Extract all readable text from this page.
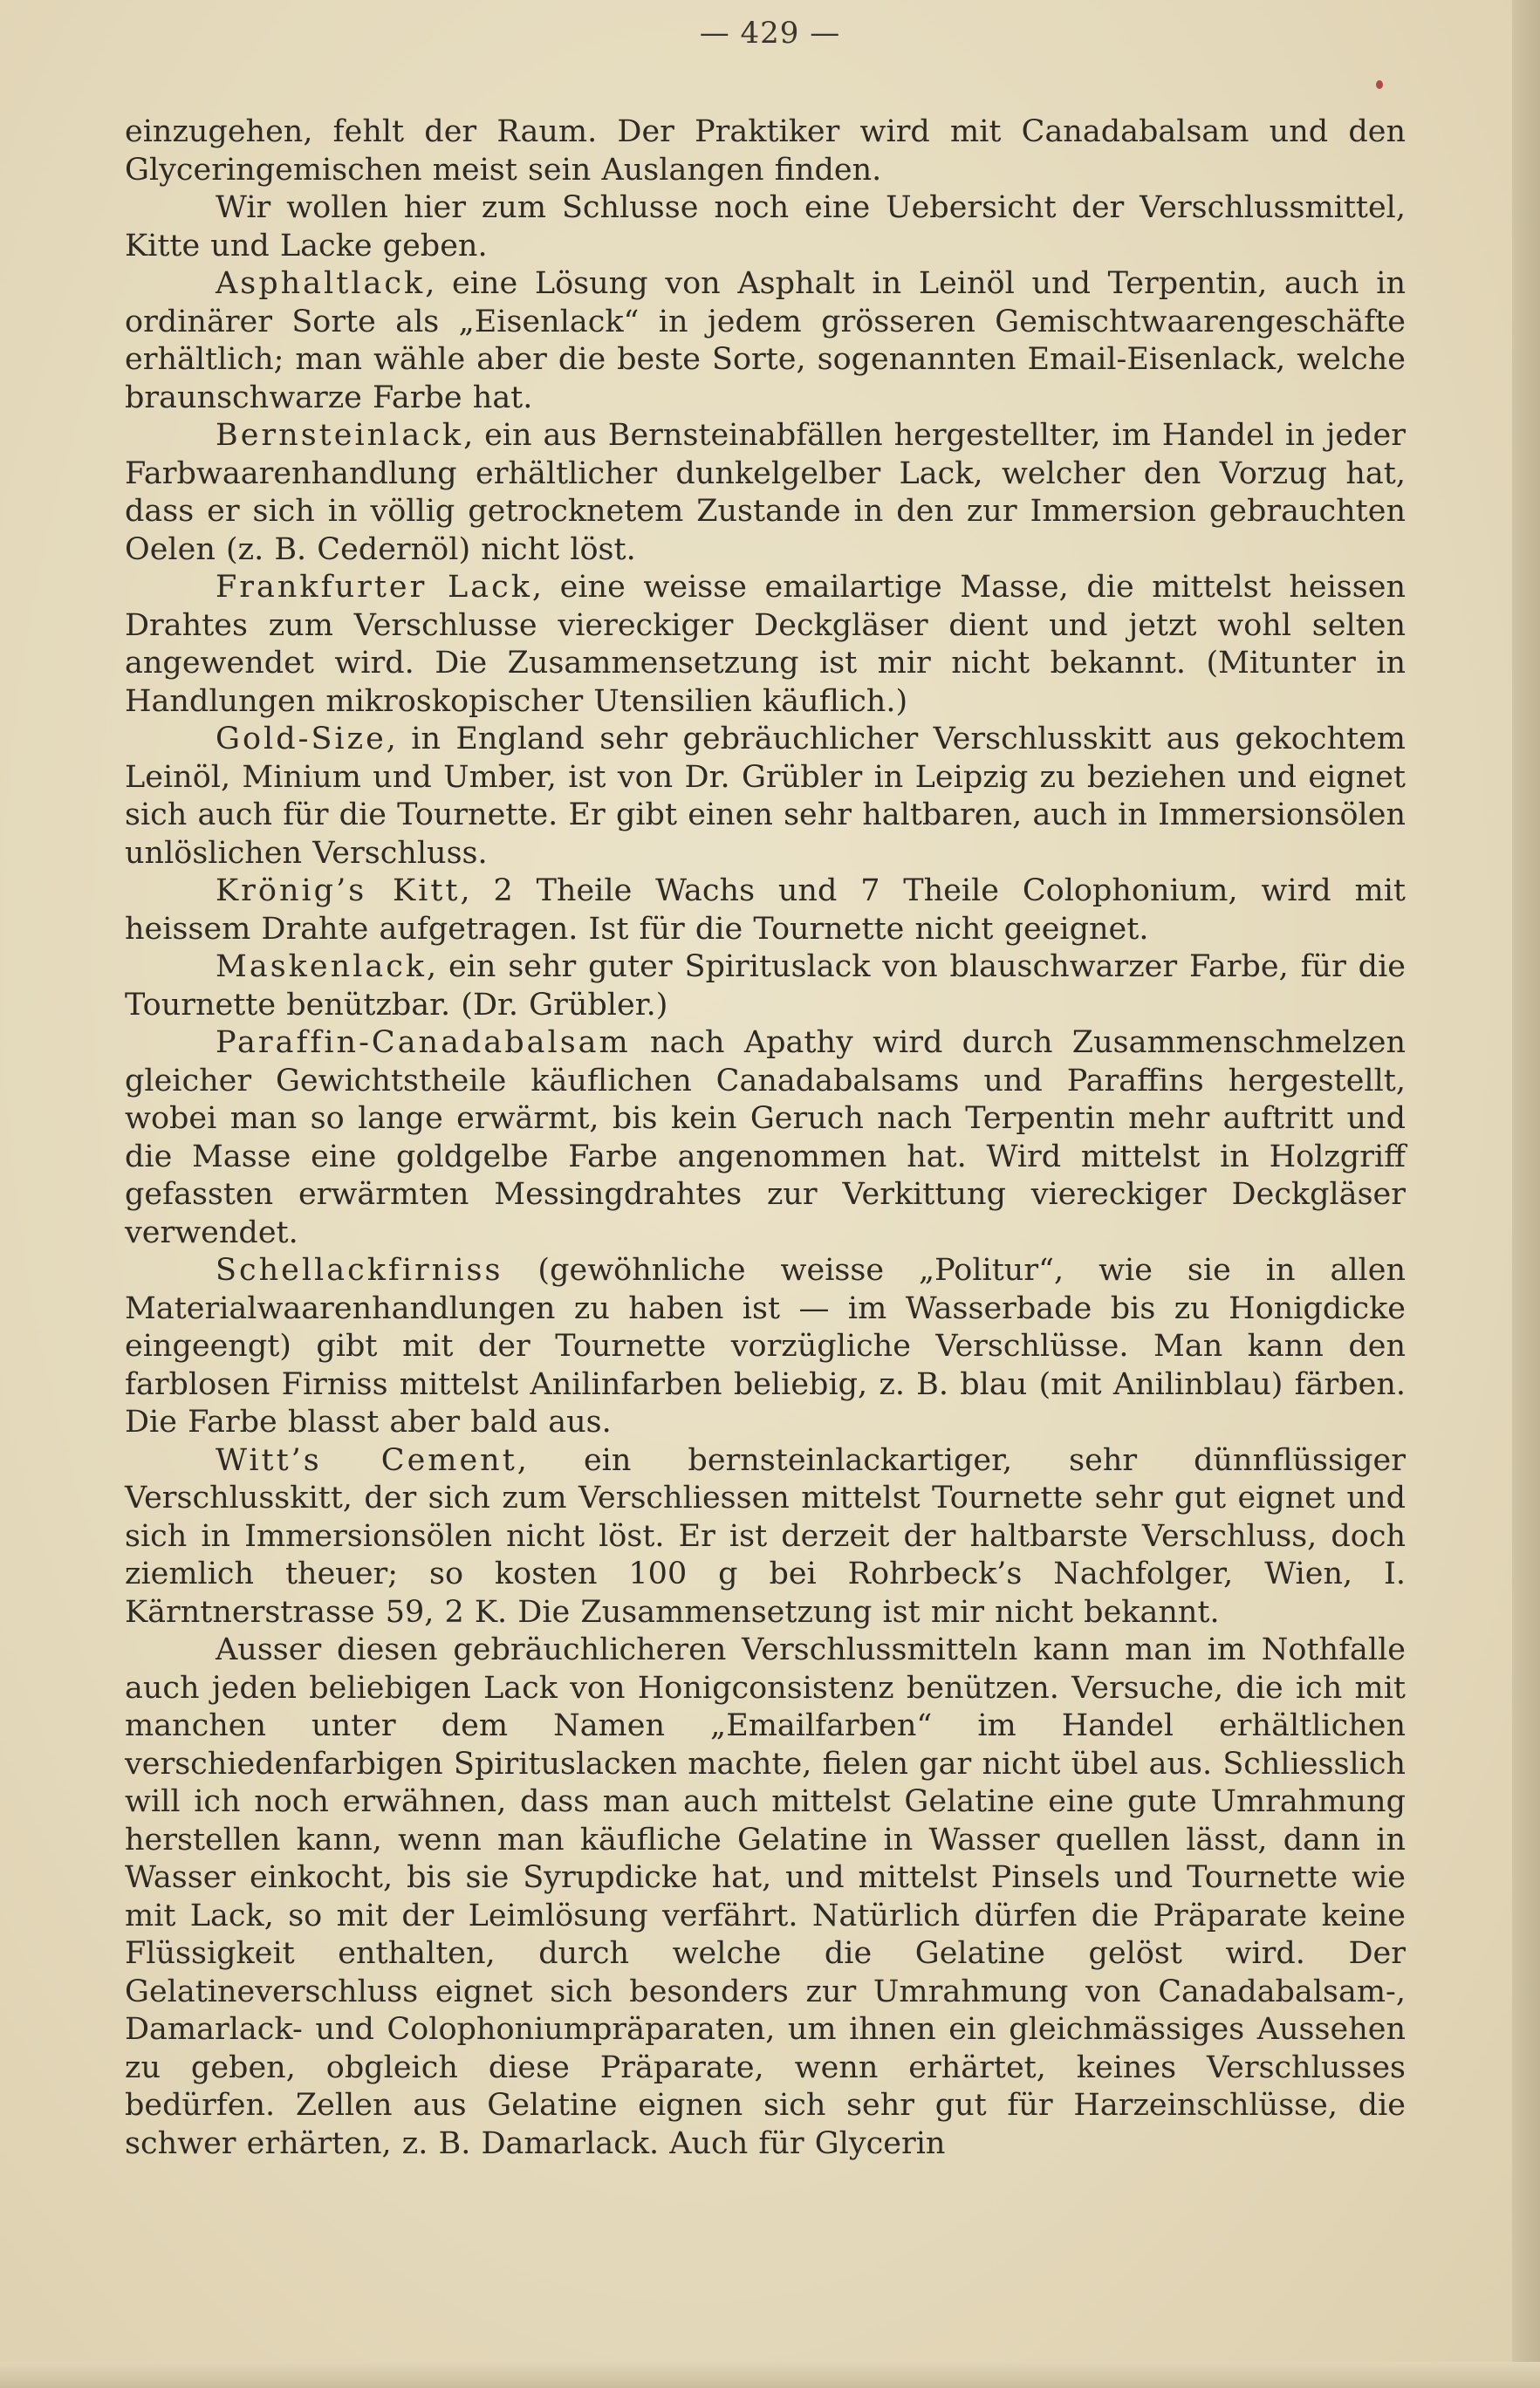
— 429 —

einzugehen, fehlt der Raum. Der Praktiker wird mit Canadabalsam und den Glyceringemischen meist sein Auslangen finden.

Wir wollen hier zum Schlusse noch eine Uebersicht der Verschlussmittel, Kitte und Lacke geben.

Asphaltlack, eine Lösung von Asphalt in Leinöl und Terpentin, auch in ordinärer Sorte als „Eisenlack“ in jedem grösseren Gemischtwaarengeschäfte erhältlich; man wähle aber die beste Sorte, sogenannten Email-Eisenlack, welche braunschwarze Farbe hat.

Bernsteinlack, ein aus Bernsteinabfällen hergestellter, im Handel in jeder Farbwaarenhandlung erhältlicher dunkelgelber Lack, welcher den Vorzug hat, dass er sich in völlig getrocknetem Zustande in den zur Immersion gebrauchten Oelen (z. B. Cedernöl) nicht löst.

Frankfurter Lack, eine weisse emailartige Masse, die mittelst heissen Drahtes zum Verschlusse viereckiger Deckgläser dient und jetzt wohl selten angewendet wird. Die Zusammensetzung ist mir nicht bekannt. (Mitunter in Handlungen mikroskopischer Utensilien käuflich.)

Gold-Size, in England sehr gebräuchlicher Verschlusskitt aus gekochtem Leinöl, Minium und Umber, ist von Dr. Grübler in Leipzig zu beziehen und eignet sich auch für die Tournette. Er gibt einen sehr haltbaren, auch in Immersionsölen unlöslichen Verschluss.

Krönig’s Kitt, 2 Theile Wachs und 7 Theile Colophonium, wird mit heissem Drahte aufgetragen. Ist für die Tournette nicht geeignet.

Maskenlack, ein sehr guter Spirituslack von blauschwarzer Farbe, für die Tournette benützbar. (Dr. Grübler.)

Paraffin-Canadabalsam nach Apathy wird durch Zusammenschmelzen gleicher Gewichtstheile käuflichen Canadabalsams und Paraffins hergestellt, wobei man so lange erwärmt, bis kein Geruch nach Terpentin mehr auftritt und die Masse eine goldgelbe Farbe angenommen hat. Wird mittelst in Holzgriff gefassten erwärmten Messingdrahtes zur Verkittung viereckiger Deckgläser verwendet.

Schellackfirniss (gewöhnliche weisse „Politur“, wie sie in allen Materialwaarenhandlungen zu haben ist — im Wasserbade bis zu Honigdicke eingeengt) gibt mit der Tournette vorzügliche Verschlüsse. Man kann den farblosen Firniss mittelst Anilinfarben beliebig, z. B. blau (mit Anilinblau) färben. Die Farbe blasst aber bald aus.

Witt’s Cement, ein bernsteinlackartiger, sehr dünnflüssiger Verschlusskitt, der sich zum Verschliessen mittelst Tournette sehr gut eignet und sich in Immersionsölen nicht löst. Er ist derzeit der haltbarste Verschluss, doch ziemlich theuer; so kosten 100 g bei Rohrbeck’s Nachfolger, Wien, I. Kärntnerstrasse 59, 2 K. Die Zusammensetzung ist mir nicht bekannt.

Ausser diesen gebräuchlicheren Verschlussmitteln kann man im Nothfalle auch jeden beliebigen Lack von Honigconsistenz benützen. Versuche, die ich mit manchen unter dem Namen „Emailfarben“ im Handel erhältlichen verschiedenfarbigen Spirituslacken machte, fielen gar nicht übel aus. Schliesslich will ich noch erwähnen, dass man auch mittelst Gelatine eine gute Umrahmung herstellen kann, wenn man käufliche Gelatine in Wasser quellen lässt, dann in Wasser einkocht, bis sie Syrupdicke hat, und mittelst Pinsels und Tournette wie mit Lack, so mit der Leimlösung verfährt. Natürlich dürfen die Präparate keine Flüssigkeit enthalten, durch welche die Gelatine gelöst wird. Der Gelatineverschluss eignet sich besonders zur Umrahmung von Canadabalsam-, Damarlack- und Colophoniumpräparaten, um ihnen ein gleichmässiges Aussehen zu geben, obgleich diese Präparate, wenn erhärtet, keines Verschlusses bedürfen. Zellen aus Gelatine eignen sich sehr gut für Harzeinschlüsse, die schwer erhärten, z. B. Damarlack. Auch für Glycerin
